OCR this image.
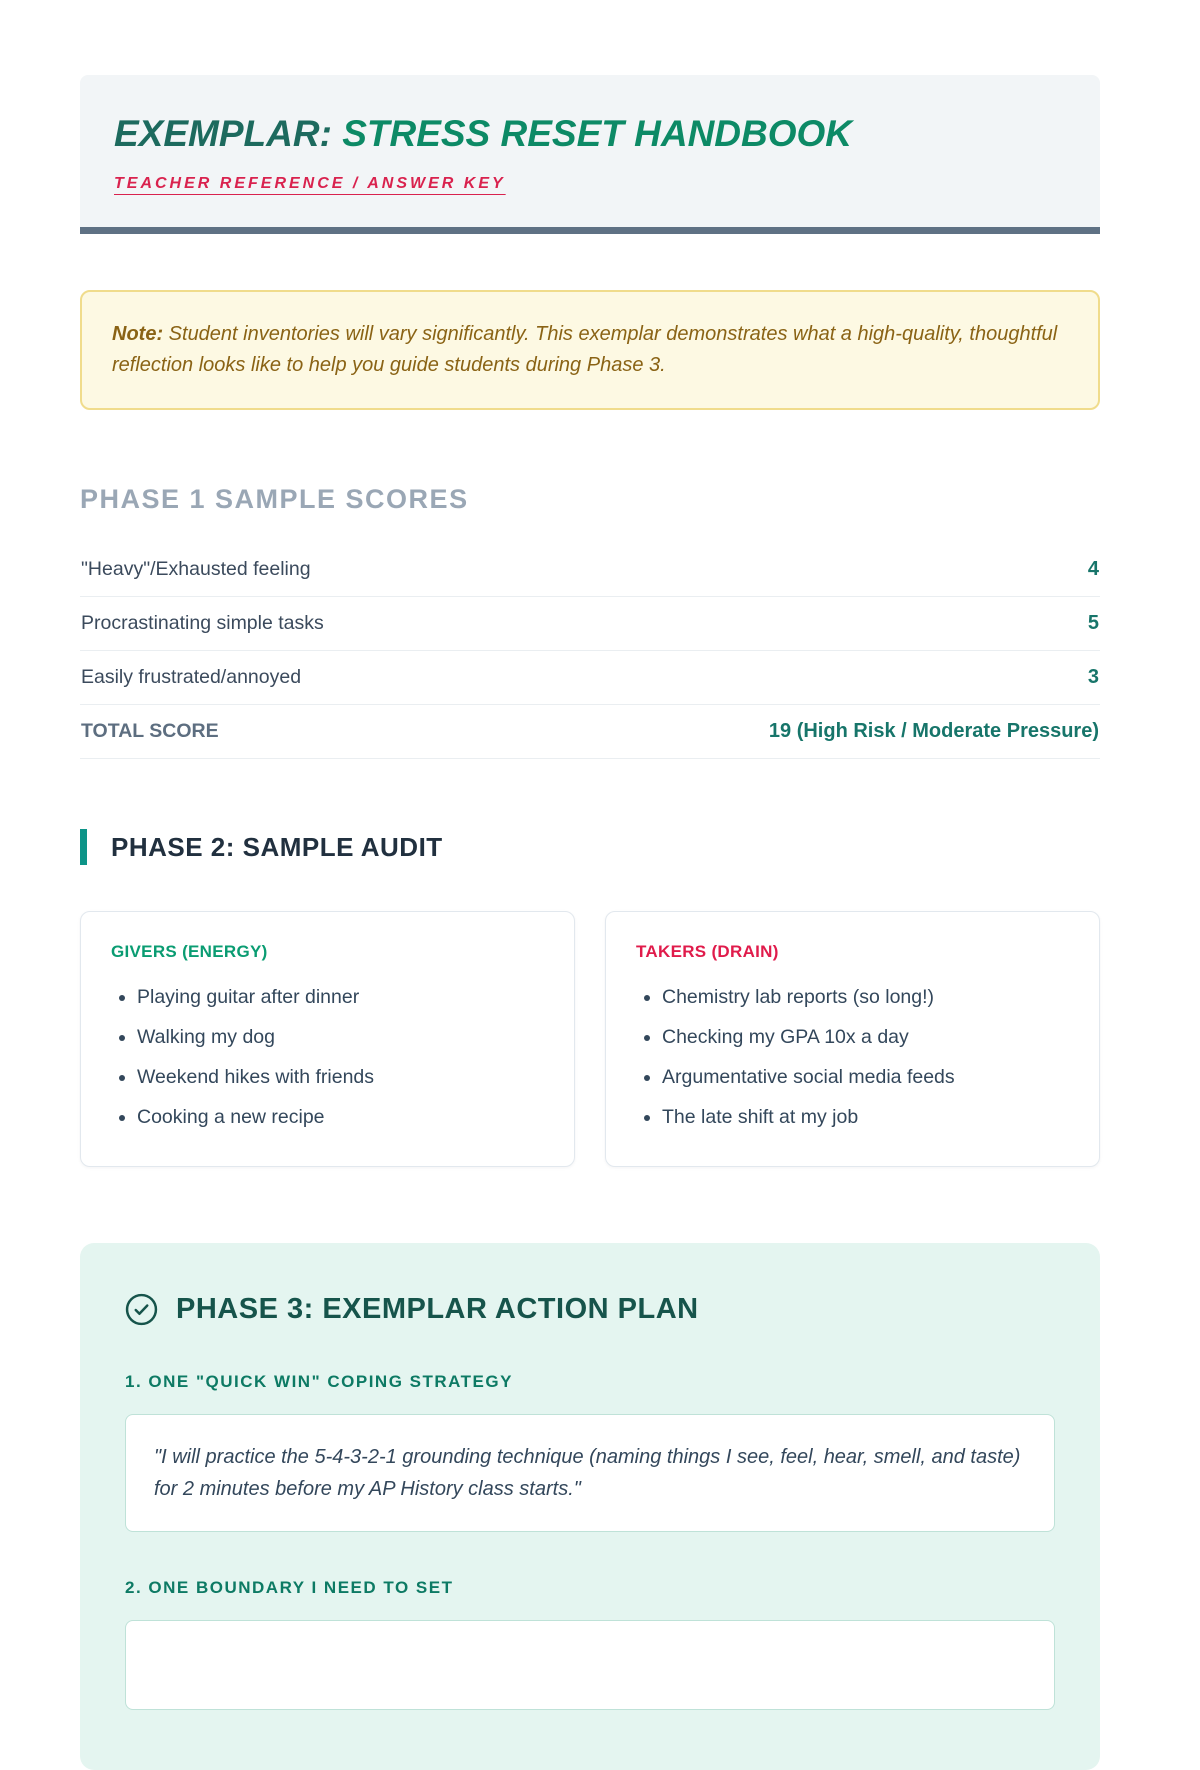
EXEMPLAR: STRESS RESET HANDBOOK
TEACHER REFERENCE / ANSWER KEY
Note: Student inventories will vary significantly. This exemplar demonstrates what a high-quality, thoughtful reflection looks like to help you guide students during Phase 3.
PHASE 1 SAMPLE SCORES
"Heavy"/Exhausted feeling	4
Procrastinating simple tasks	5
Easily frustrated/annoyed	3
TOTAL SCORE	19 (High Risk / Moderate Pressure)
PHASE 2: SAMPLE AUDIT
GIVERS (ENERGY)
• Playing guitar after dinner
• Walking my dog
• Weekend hikes with friends
• Cooking a new recipe
TAKERS (DRAIN)
• Chemistry lab reports (so long!)
• Checking my GPA 10x a day
• Argumentative social media feeds
• The late shift at my job
PHASE 3: EXEMPLAR ACTION PLAN
1. ONE "QUICK WIN" COPING STRATEGY
"I will practice the 5-4-3-2-1 grounding technique (naming things I see, feel, hear, smell, and taste) for 2 minutes before my AP History class starts."
2. ONE BOUNDARY I NEED TO SET
